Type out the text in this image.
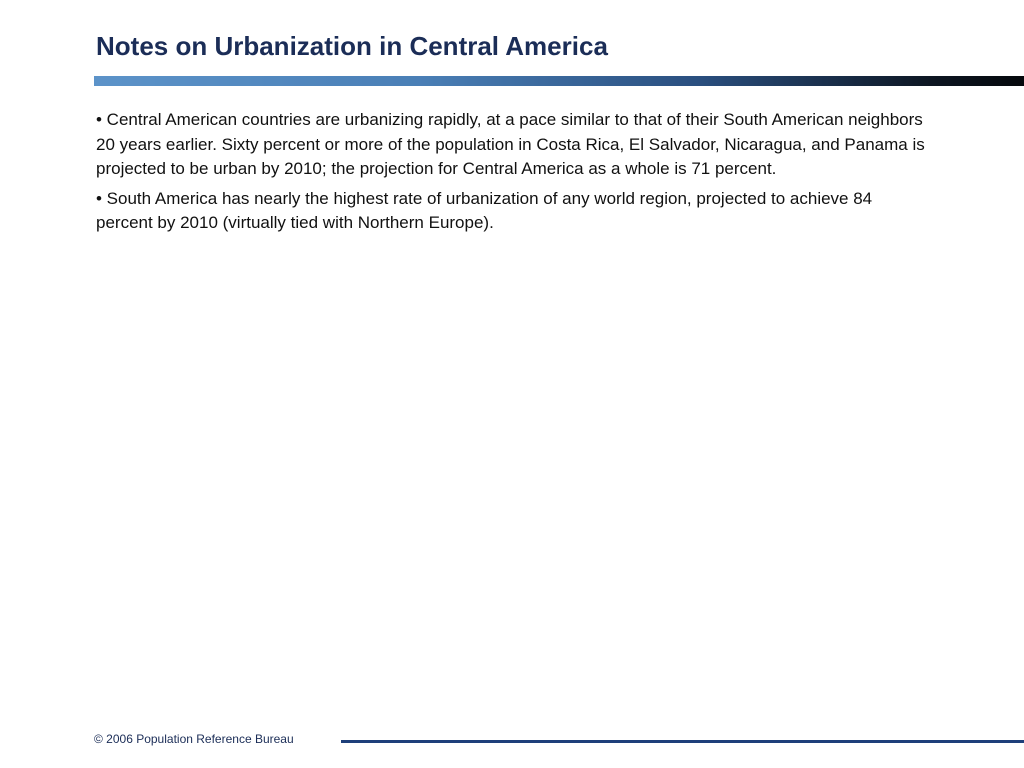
Notes on Urbanization in Central America

• Central American countries are urbanizing rapidly, at a pace similar to that of their South American neighbors 20 years earlier. Sixty percent or more of the population in Costa Rica, El Salvador, Nicaragua, and Panama is projected to be urban by 2010; the projection for Central America as a whole is 71 percent.

• South America has nearly the highest rate of urbanization of any world region, projected to achieve 84 percent by 2010 (virtually tied with Northern Europe).

© 2006 Population Reference Bureau
